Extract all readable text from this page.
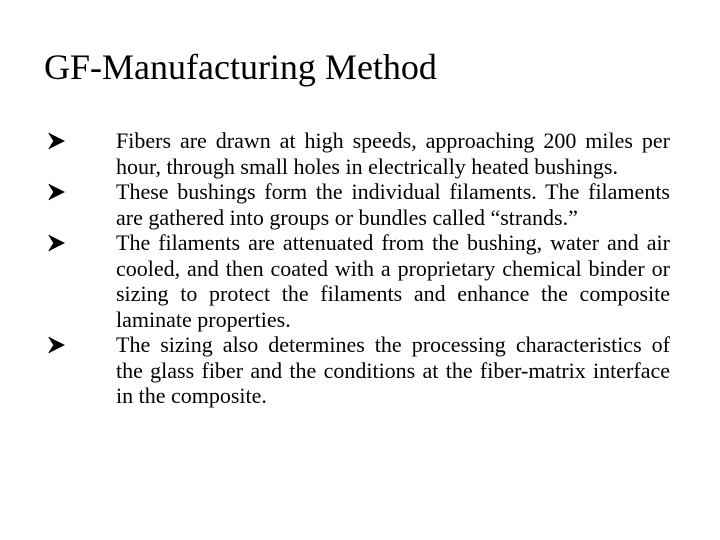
GF-Manufacturing Method
Fibers are drawn at high speeds, approaching 200 miles per hour, through small holes in electrically heated bushings.
These bushings form the individual filaments. The filaments are gathered into groups or bundles called “strands.”
The filaments are attenuated from the bushing, water and air cooled, and then coated with a proprietary chemical binder or sizing to protect the filaments and enhance the composite laminate properties.
The sizing also determines the processing characteristics of the glass fiber and the conditions at the fiber-matrix interface in the composite.
